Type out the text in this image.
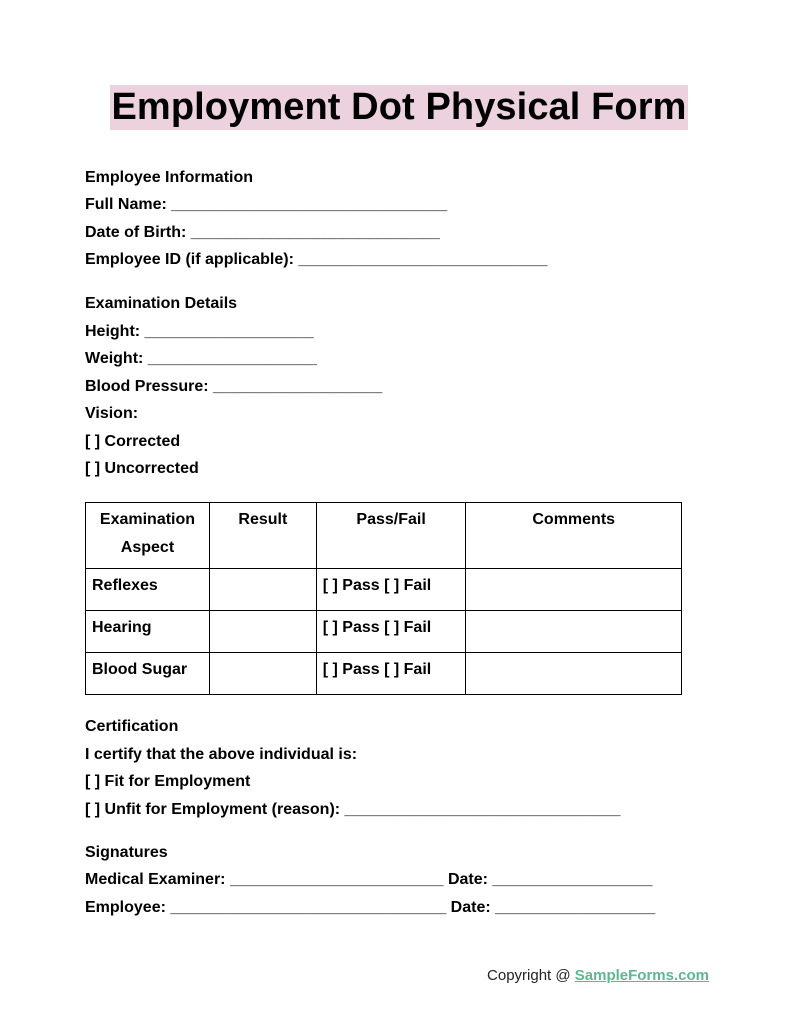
Employment Dot Physical Form
Employee Information
Full Name: _______________________________
Date of Birth: ____________________________
Employee ID (if applicable): ____________________________
Examination Details
Height: ___________________
Weight: ___________________
Blood Pressure: ___________________
Vision:
[ ] Corrected
[ ] Uncorrected
Examination Aspect	Result	Pass/Fail	Comments
Reflexes		[ ] Pass [ ] Fail	
Hearing		[ ] Pass [ ] Fail	
Blood Sugar		[ ] Pass [ ] Fail	
Certification
I certify that the above individual is:
[ ] Fit for Employment
[ ] Unfit for Employment (reason): _______________________________
Signatures
Medical Examiner: ________________________ Date: __________________
Employee: _______________________________ Date: __________________
Copyright @ SampleForms.com
